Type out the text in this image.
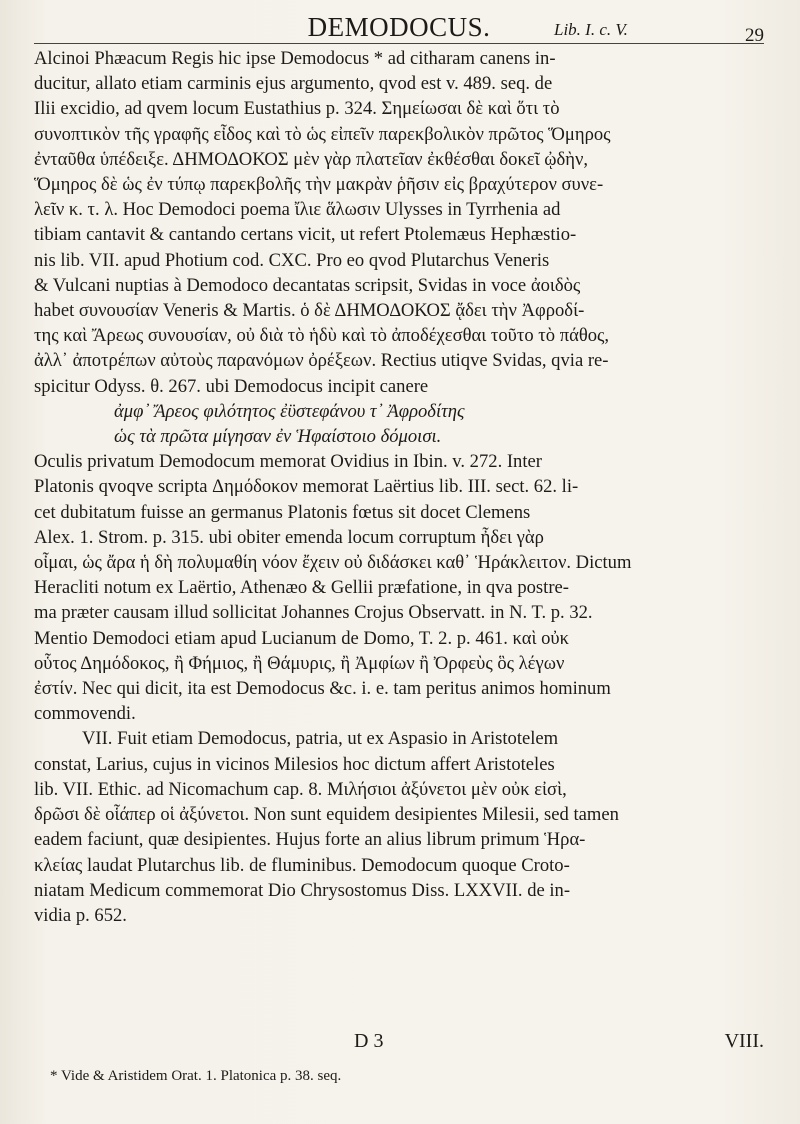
DEMODOCUS.	Lib. I. c. V.	29
Alcinoi Phæacum Regis hic ipse Demodocus * ad citharam canens in-
ducitur, allato etiam carminis ejus argumento, qvod est v. 489. seq. de
Ilii excidio, ad qvem locum Eustathius p. 324. Σημείωσαι δὲ καὶ ὅτι τὸ
συνοπτικὸν τῆς γραφῆς εἶδος καὶ τὸ ὡς εἰπεῖν παρεκβολικὸν πρῶτος Ὅμηρος
ἐνταῦθα ὑπέδειξε. ΔΗΜΟΔΟΚΟΣ μὲν γὰρ πλατεῖαν ἐκθέσθαι δοκεῖ ᾠδὴν,
Ὅμηρος δὲ ὡς ἐν τύπῳ παρεκβολῆς τὴν μακρὰν ῥῆσιν εἰς βραχύτερον συνε-
λεῖν κ. τ. λ. Hoc Demodoci poema ἴλιε ἅλωσιν Ulysses in Tyrrhenia ad
tibiam cantavit & cantando certans vicit, ut refert Ptolemæus Hephæstio-
nis lib. VII. apud Photium cod. CXC. Pro eo qvod Plutarchus Veneris
& Vulcani nuptias à Demodoco decantatas scripsit, Svidas in voce ἀοιδὸς
habet συνουσίαν Veneris & Martis. ὁ δὲ ΔΗΜΟΔΟΚΟΣ ᾄδει τὴν Ἀφροδί-
της καὶ Ἄρεως συνουσίαν, οὐ διὰ τὸ ἡδὺ καὶ τὸ ἀποδέχεσθαι τοῦτο τὸ πάθος,
ἀλλ᾽ ἀποτρέπων αὐτοὺς παρανόμων ὀρέξεων. Rectius utiqve Svidas, qvia re-
spicitur Odyss. θ. 267. ubi Demodocus incipit canere
ἀμφ᾽ Ἄρεος φιλότητος ἐϋστεφάνου τ᾽ Ἀφροδίτης
ὡς τὰ πρῶτα μίγησαν ἐν Ἡφαίστοιο δόμοισι.
Oculis privatum Demodocum memorat Ovidius in Ibin. v. 272. Inter
Platonis qvoqve scripta Δημόδοκον memorat Laërtius lib. III. sect. 62. li-
cet dubitatum fuisse an germanus Platonis fœtus sit docet Clemens
Alex. 1. Strom. p. 315. ubi obiter emenda locum corruptum ἦδει γὰρ
οἶμαι, ὡς ἄρα ἡ δὴ πολυμαθίη νόον ἔχειν οὐ διδάσκει καθ᾽ Ἡράκλειτον. Dictum
Heracliti notum ex Laërtio, Athenæo & Gellii præfatione, in qva postre-
ma præter causam illud sollicitat Johannes Crojus Observatt. in N. T. p. 32.
Mentio Demodoci etiam apud Lucianum de Domo, T. 2. p. 461. καὶ οὐκ
οὗτος Δημόδοκος, ἢ Φήμιος, ἢ Θάμυρις, ἢ Ἀμφίων ἢ Ὀρφεὺς ὃς λέγων
ἐστίν. Nec qui dicit, ita est Demodocus &c. i. e. tam peritus animos hominum
commovendi.
VII. Fuit etiam Demodocus, patria, ut ex Aspasio in Aristotelem
constat, Larius, cujus in vicinos Milesios hoc dictum affert Aristoteles
lib. VII. Ethic. ad Nicomachum cap. 8. Μιλήσιοι ἀξύνετοι μὲν οὐκ εἰσὶ,
δρῶσι δὲ οἷάπερ οἱ ἀξύνετοι. Non sunt equidem desipientes Milesii, sed tamen
eadem faciunt, quæ desipientes. Hujus forte an alius librum primum Ἡρα-
κλείας laudat Plutarchus lib. de fluminibus. Demodocum quoque Croto-
niatam Medicum commemorat Dio Chrysostomus Diss. LXXVII. de in-
vidia p. 652.
D 3	VIII.
* Vide & Aristidem Orat. 1. Platonica p. 38. seq.
